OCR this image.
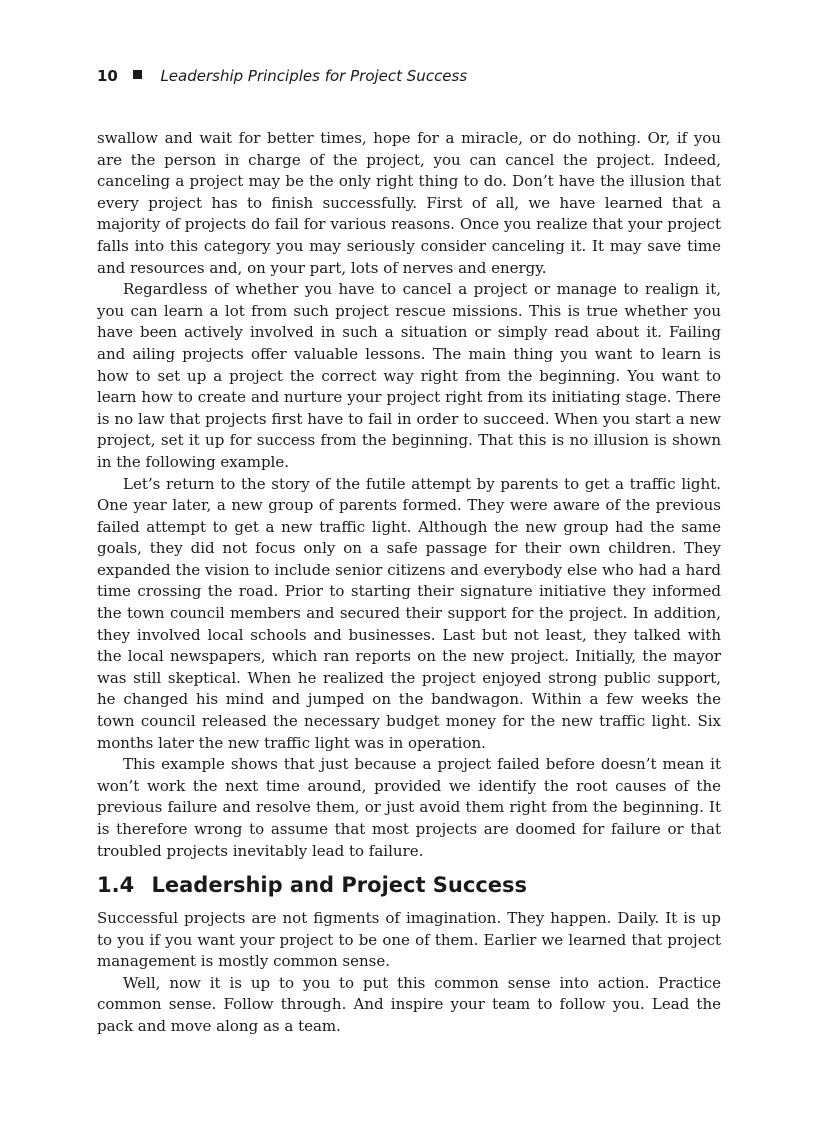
10	Leadership Principles for Project Success

swallow and wait for better times, hope for a miracle, or do nothing. Or, if you are the person in charge of the project, you can cancel the project. Indeed, canceling a project may be the only right thing to do. Don’t have the illusion that every project has to finish successfully. First of all, we have learned that a majority of projects do fail for various reasons. Once you realize that your project falls into this category you may seriously consider canceling it. It may save time and resources and, on your part, lots of nerves and energy.

Regardless of whether you have to cancel a project or manage to realign it, you can learn a lot from such project rescue missions. This is true whether you have been actively involved in such a situation or simply read about it. Failing and ailing projects offer valuable lessons. The main thing you want to learn is how to set up a project the correct way right from the beginning. You want to learn how to create and nurture your project right from its initiating stage. There is no law that projects first have to fail in order to succeed. When you start a new project, set it up for success from the beginning. That this is no illusion is shown in the following example.

Let’s return to the story of the futile attempt by parents to get a traffic light. One year later, a new group of parents formed. They were aware of the previous failed attempt to get a new traffic light. Although the new group had the same goals, they did not focus only on a safe passage for their own children. They expanded the vision to include senior citizens and everybody else who had a hard time crossing the road. Prior to starting their signature initiative they informed the town council members and secured their support for the project. In addition, they involved local schools and businesses. Last but not least, they talked with the local newspapers, which ran reports on the new project. Initially, the mayor was still skeptical. When he realized the project enjoyed strong public support, he changed his mind and jumped on the bandwagon. Within a few weeks the town council released the necessary budget money for the new traffic light. Six months later the new traffic light was in operation.

This example shows that just because a project failed before doesn’t mean it won’t work the next time around, provided we identify the root causes of the previous failure and resolve them, or just avoid them right from the beginning. It is therefore wrong to assume that most projects are doomed for failure or that troubled projects inevitably lead to failure.

1.4 Leadership and Project Success

Successful projects are not figments of imagination. They happen. Daily. It is up to you if you want your project to be one of them. Earlier we learned that project management is mostly common sense.

Well, now it is up to you to put this common sense into action. Practice common sense. Follow through. And inspire your team to follow you. Lead the pack and move along as a team.
